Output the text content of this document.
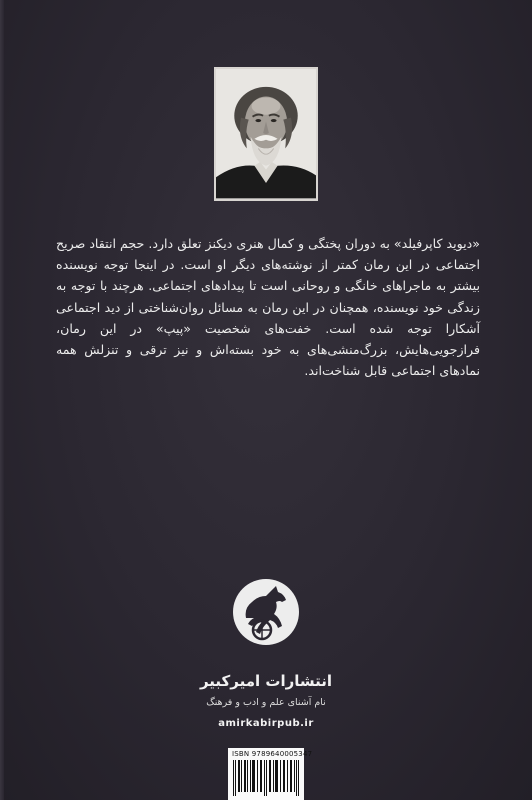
«دیوید کاپرفیلد» به دوران پختگی و کمال هنری دیکنز تعلق دارد. حجم انتقاد صریح اجتماعی در این رمان کمتر از نوشته‌های دیگر او است. در اینجا توجه نویسنده بیشتر به ماجراهای خانگی و روحانی است تا پیدادهای اجتماعی. هرچند با توجه به زندگی خود نویسنده، همچنان در این رمان به مسائل روان‌شناختی از دید اجتماعی آشکارا توجه شده است. خفت‌های شخصیت «پیپ» در این رمان، فرازجویی‌هایش، بزرگ‌منشی‌های به خود بسته‌اش و نیز ترقی و تنزلش همه نمادهای اجتماعی قابل شناخت‌اند.

انتشارات امیرکبیر
نام آشنای علم و ادب و فرهنگ
amirkabirpub.ir
ISBN 9789640005347
